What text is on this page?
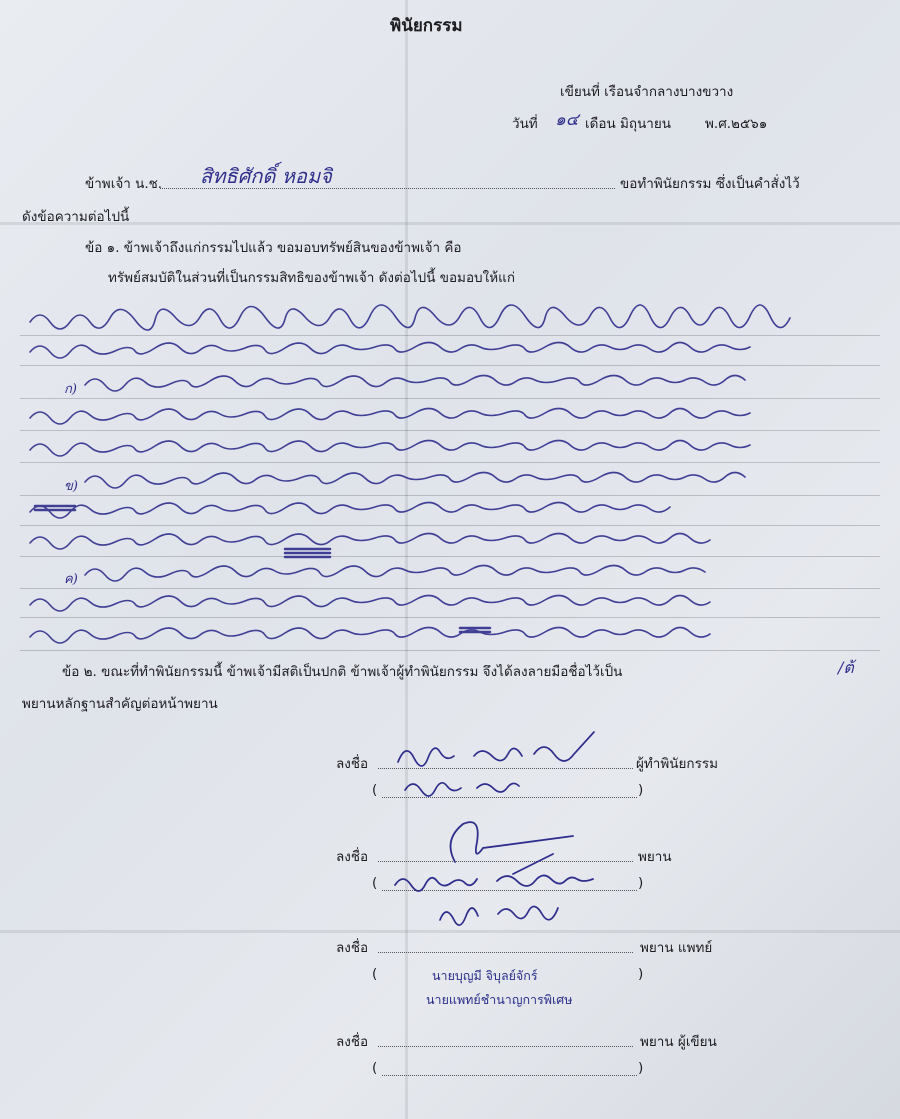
พินัยกรรม
เขียนที่ เรือนจำกลางบางขวาง
วันที่ ๑๔ เดือน มิถุนายน	พ.ศ.๒๕๖๑
ข้าพเจ้า น.ช. สิทธิศักดิ์ หอมจิ	ขอทำพินัยกรรม ซึ่งเป็นคำสั่งไว้
ดังข้อความต่อไปนี้
ข้อ ๑. ข้าพเจ้าถึงแก่กรรมไปแล้ว ขอมอบทรัพย์สินของข้าพเจ้า คือ
ทรัพย์สมบัติในส่วนที่เป็นกรรมสิทธิของข้าพเจ้า ดังต่อไปนี้ ขอมอบให้แก่
ก)
ข)
ค)
ข้อ ๒. ขณะที่ทำพินัยกรรมนี้ ข้าพเจ้ามีสติเป็นปกติ ข้าพเจ้าผู้ทำพินัยกรรม จึงได้ลงลายมือชื่อไว้เป็น	/ต้
พยานหลักฐานสำคัญต่อหน้าพยาน
ลงชื่อ	ผู้ทำพินัยกรรม
(	)
ลงชื่อ	พยาน
(	)
ลงชื่อ	พยาน แพทย์
(	นายบุญมี จิบุลย์จักร์	)
นายแพทย์ชำนาญการพิเศษ
ลงชื่อ	พยาน ผู้เขียน
(	)
